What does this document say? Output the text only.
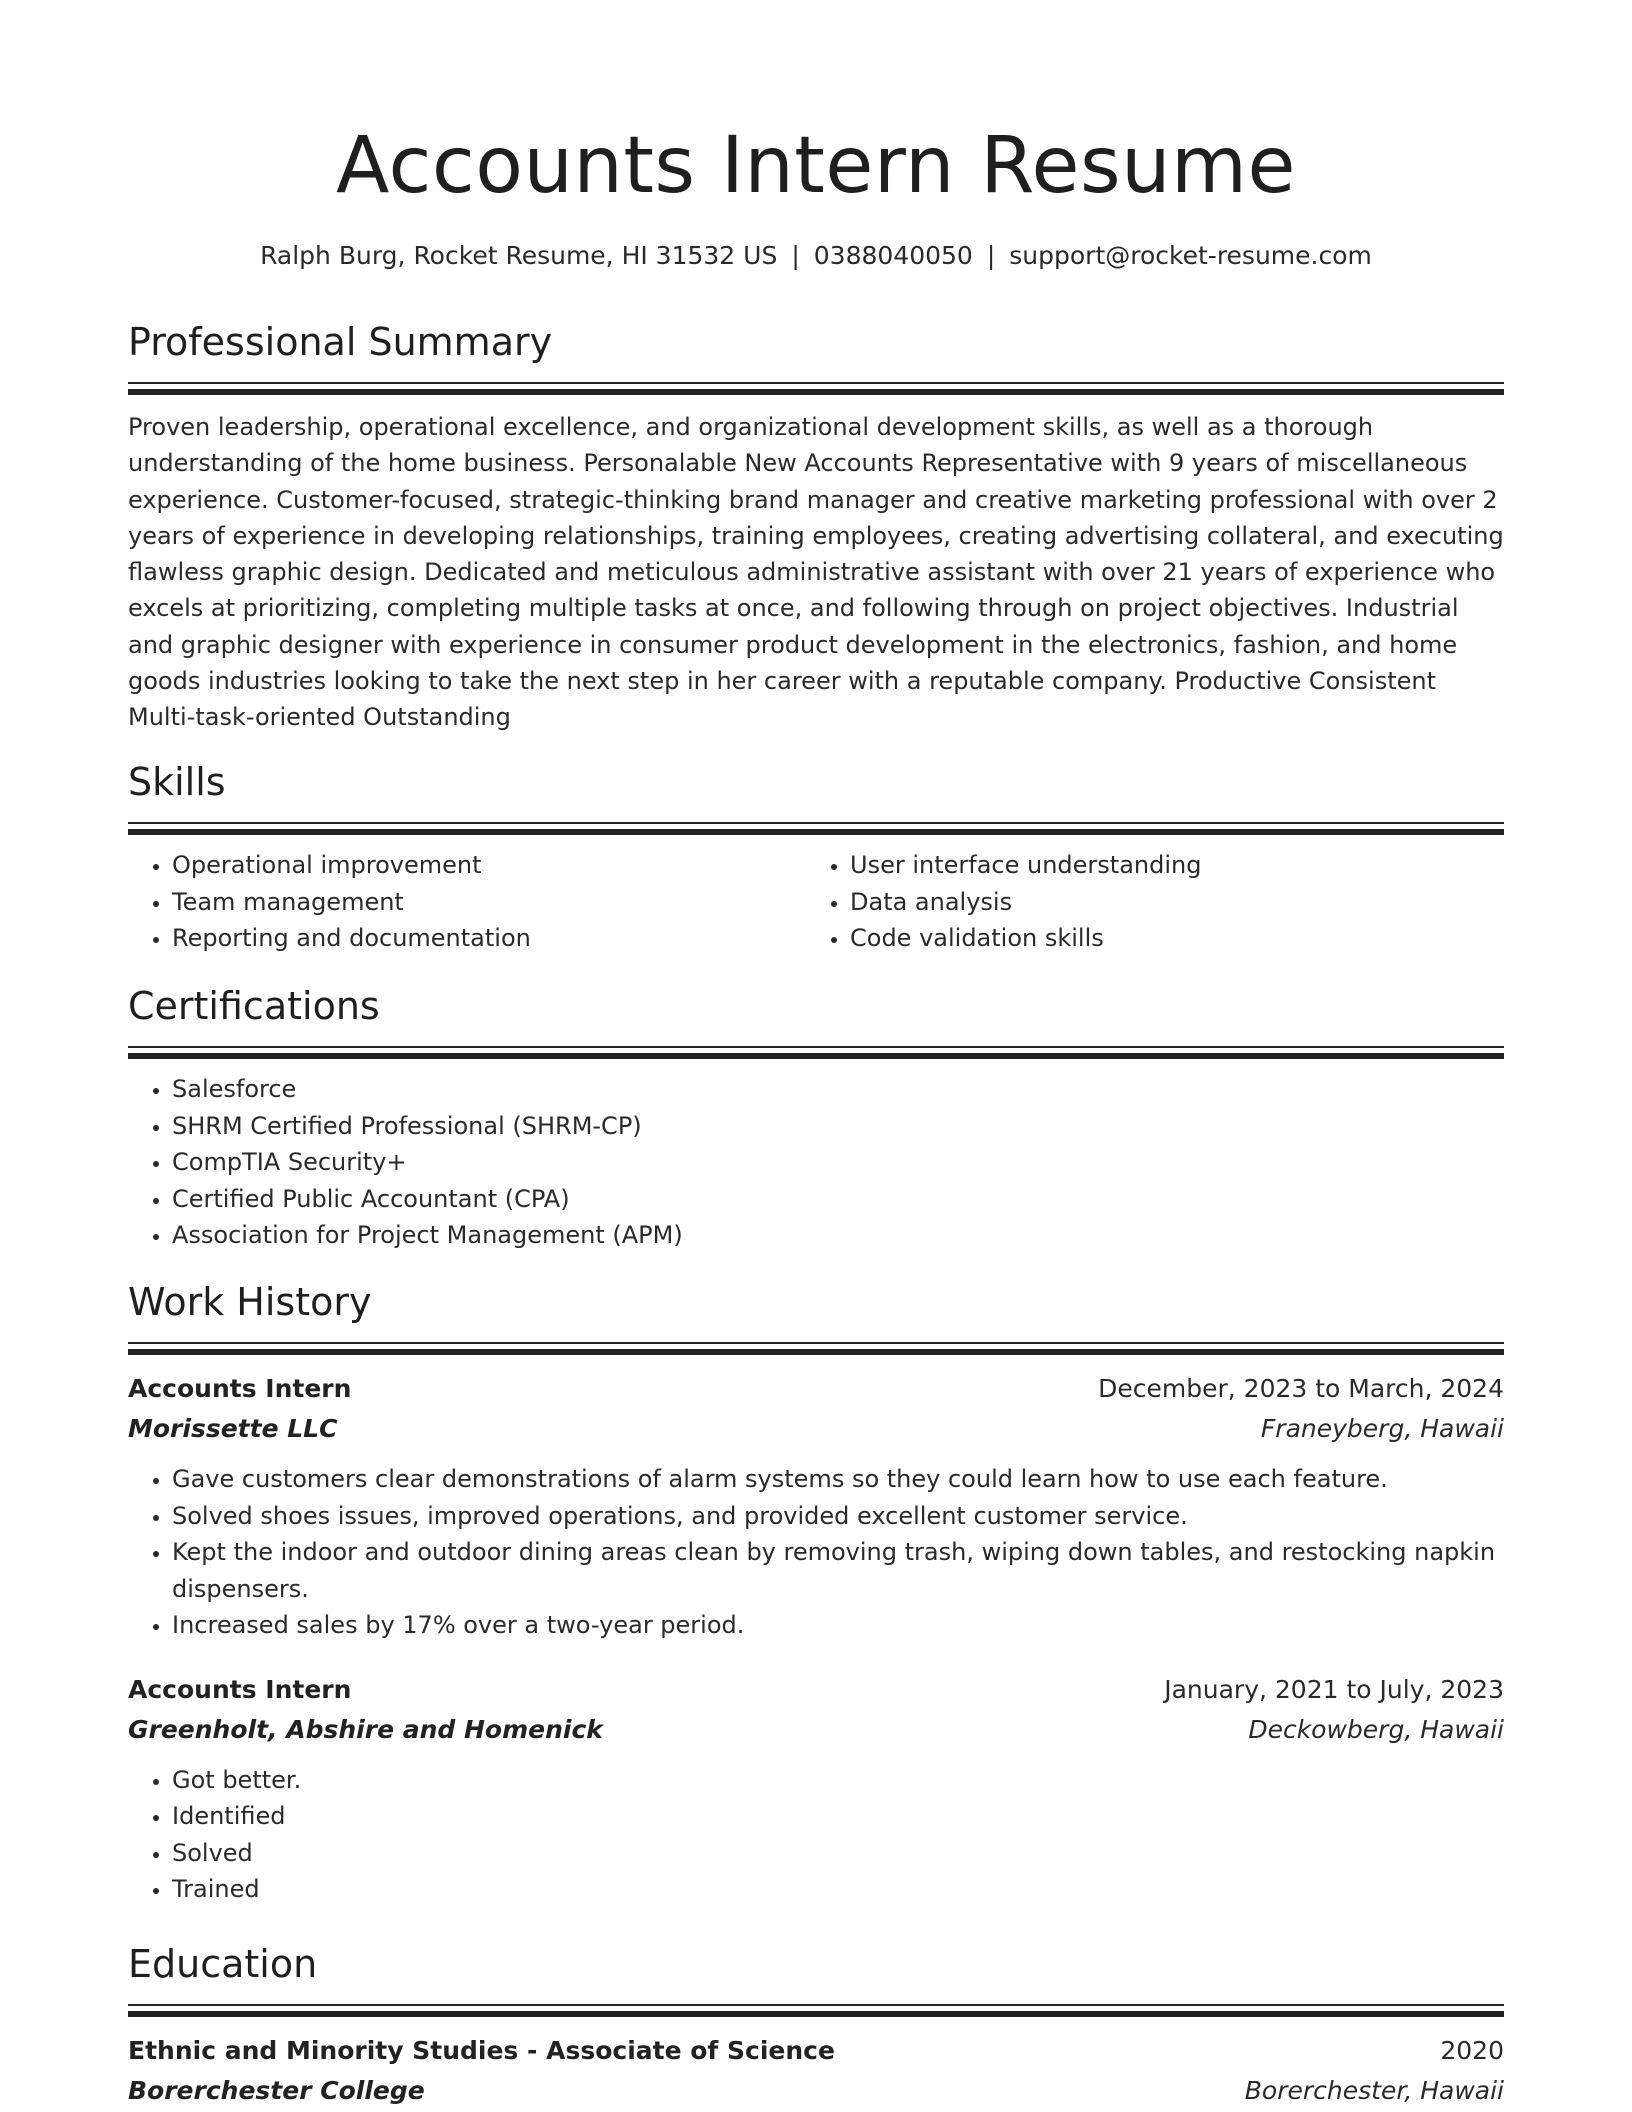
Accounts Intern Resume
Ralph Burg, Rocket Resume, HI 31532 US | 0388040050 | support@rocket-resume.com
Professional Summary

Proven leadership, operational excellence, and organizational development skills, as well as a thorough understanding of the home business. Personalable New Accounts Representative with 9 years of miscellaneous experience. Customer-focused, strategic-thinking brand manager and creative marketing professional with over 2 years of experience in developing relationships, training employees, creating advertising collateral, and executing flawless graphic design. Dedicated and meticulous administrative assistant with over 21 years of experience who excels at prioritizing, completing multiple tasks at once, and following through on project objectives. Industrial and graphic designer with experience in consumer product development in the electronics, fashion, and home goods industries looking to take the next step in her career with a reputable company. Productive Consistent Multi-task-oriented Outstanding

Skills
• Operational improvement
• Team management
• Reporting and documentation
• User interface understanding
• Data analysis
• Code validation skills
Certifications
• Salesforce
• SHRM Certified Professional (SHRM-CP)
• CompTIA Security+
• Certified Public Accountant (CPA)
• Association for Project Management (APM)
Work History
Accounts Intern	December, 2023 to March, 2024
Morissette LLC	Franeyberg, Hawaii
• Gave customers clear demonstrations of alarm systems so they could learn how to use each feature.
• Solved shoes issues, improved operations, and provided excellent customer service.
• Kept the indoor and outdoor dining areas clean by removing trash, wiping down tables, and restocking napkin dispensers.
• Increased sales by 17% over a two-year period.
Accounts Intern	January, 2021 to July, 2023
Greenholt, Abshire and Homenick	Deckowberg, Hawaii
• Got better.
• Identified
• Solved
• Trained
Education
Ethnic and Minority Studies - Associate of Science	2020
Borerchester College	Borerchester, Hawaii
